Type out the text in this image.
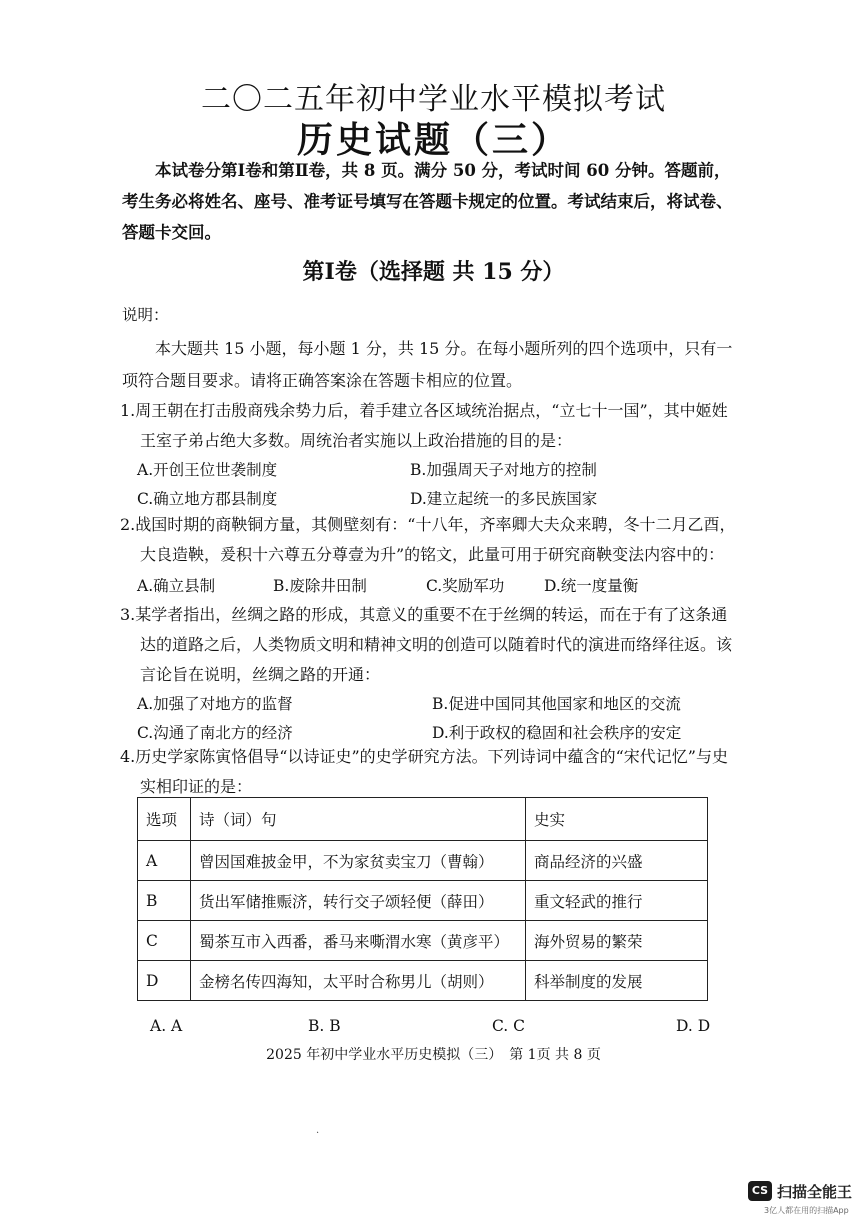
二〇二五年初中学业水平模拟考试
历史试题（三）
本试卷分第Ⅰ卷和第Ⅱ卷，共 8 页。满分 50 分，考试时间 60 分钟。答题前，考生务必将姓名、座号、准考证号填写在答题卡规定的位置。考试结束后，将试卷、答题卡交回。
第Ⅰ卷（选择题 共 15 分）
说明：
本大题共 15 小题，每小题 1 分，共 15 分。在每小题所列的四个选项中，只有一项符合题目要求。请将正确答案涂在答题卡相应的位置。
1.周王朝在打击殷商残余势力后，着手建立各区域统治据点，“立七十一国”，其中姬姓王室子弟占绝大多数。周统治者实施以上政治措施的目的是：
A.开创王位世袭制度	B.加强周天子对地方的控制
C.确立地方郡县制度	D.建立起统一的多民族国家
2.战国时期的商鞅铜方量，其侧壁刻有：“十八年，齐率卿大夫众来聘，冬十二月乙酉，大良造鞅，爰积十六尊五分尊壹为升”的铭文，此量可用于研究商鞅变法内容中的：
A.确立县制	B.废除井田制	C.奖励军功	D.统一度量衡
3.某学者指出，丝绸之路的形成，其意义的重要不在于丝绸的转运，而在于有了这条通达的道路之后，人类物质文明和精神文明的创造可以随着时代的演进而络绎往返。该言论旨在说明，丝绸之路的开通：
A.加强了对地方的监督	B.促进中国同其他国家和地区的交流
C.沟通了南北方的经济	D.利于政权的稳固和社会秩序的安定
4.历史学家陈寅恪倡导“以诗证史”的史学研究方法。下列诗词中蕴含的“宋代记忆”与史实相印证的是：
选项	诗（词）句	史实
A	曾因国难披金甲，不为家贫卖宝刀（曹翰）	商品经济的兴盛
B	货出军储推赈济，转行交子颂轻便（薛田）	重文轻武的推行
C	蜀茶互市入西番，番马来嘶渭水寒（黄彦平）	海外贸易的繁荣
D	金榜名传四海知，太平时合称男儿（胡则）	科举制度的发展
A. A	B. B	C. C	D. D
2025 年初中学业水平历史模拟（三）　第 1页 共 8 页
·
CS 扫描全能王
3亿人都在用的扫描App
